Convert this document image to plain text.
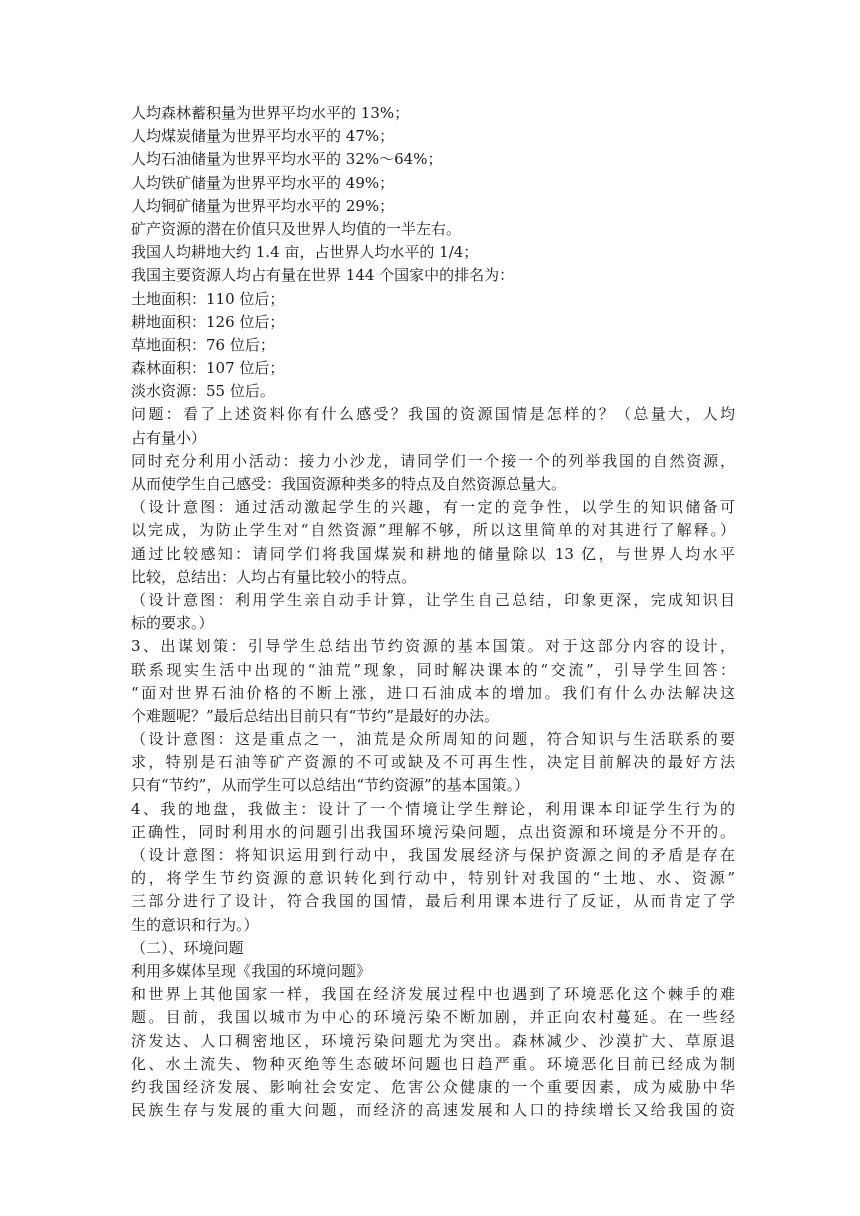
人均森林蓄积量为世界平均水平的 13%；
人均煤炭储量为世界平均水平的 47%；
人均石油储量为世界平均水平的 32%～64%；
人均铁矿储量为世界平均水平的 49%；
人均铜矿储量为世界平均水平的 29%；
矿产资源的潜在价值只及世界人均值的一半左右。
我国人均耕地大约 1.4 亩，占世界人均水平的 1/4；
我国主要资源人均占有量在世界 144 个国家中的排名为：
土地面积：110 位后；
耕地面积：126 位后；
草地面积：76 位后；
森林面积：107 位后；
淡水资源：55 位后。
问题：看了上述资料你有什么感受？我国的资源国情是怎样的？（总量大，人均
占有量小）
同时充分利用小活动：接力小沙龙，请同学们一个接一个的列举我国的自然资源，
从而使学生自己感受：我国资源种类多的特点及自然资源总量大。
（设计意图：通过活动激起学生的兴趣，有一定的竞争性，以学生的知识储备可
以完成，为防止学生对“自然资源”理解不够，所以这里简单的对其进行了解释。）
通过比较感知：请同学们将我国煤炭和耕地的储量除以 13 亿，与世界人均水平
比较，总结出：人均占有量比较小的特点。
（设计意图：利用学生亲自动手计算，让学生自己总结，印象更深，完成知识目
标的要求。）
3、出谋划策：引导学生总结出节约资源的基本国策。对于这部分内容的设计，
联系现实生活中出现的“油荒”现象，同时解决课本的“交流”，引导学生回答：
“面对世界石油价格的不断上涨，进口石油成本的增加。我们有什么办法解决这
个难题呢？”最后总结出目前只有“节约”是最好的办法。
（设计意图：这是重点之一，油荒是众所周知的问题，符合知识与生活联系的要
求，特别是石油等矿产资源的不可或缺及不可再生性，决定目前解决的最好方法
只有“节约”，从而学生可以总结出“节约资源”的基本国策。）
4、我的地盘，我做主：设计了一个情境让学生辩论，利用课本印证学生行为的
正确性，同时利用水的问题引出我国环境污染问题，点出资源和环境是分不开的。
（设计意图：将知识运用到行动中，我国发展经济与保护资源之间的矛盾是存在
的，将学生节约资源的意识转化到行动中，特别针对我国的“土地、水、资源”
三部分进行了设计，符合我国的国情，最后利用课本进行了反证，从而肯定了学
生的意识和行为。）
（二）、环境问题
利用多媒体呈现《我国的环境问题》
和世界上其他国家一样，我国在经济发展过程中也遇到了环境恶化这个棘手的难
题。目前，我国以城市为中心的环境污染不断加剧，并正向农村蔓延。在一些经
济发达、人口稠密地区，环境污染问题尤为突出。森林减少、沙漠扩大、草原退
化、水土流失、物种灭绝等生态破坏问题也日趋严重。环境恶化目前已经成为制
约我国经济发展、影响社会安定、危害公众健康的一个重要因素，成为威胁中华
民族生存与发展的重大问题，而经济的高速发展和人口的持续增长又给我国的资
